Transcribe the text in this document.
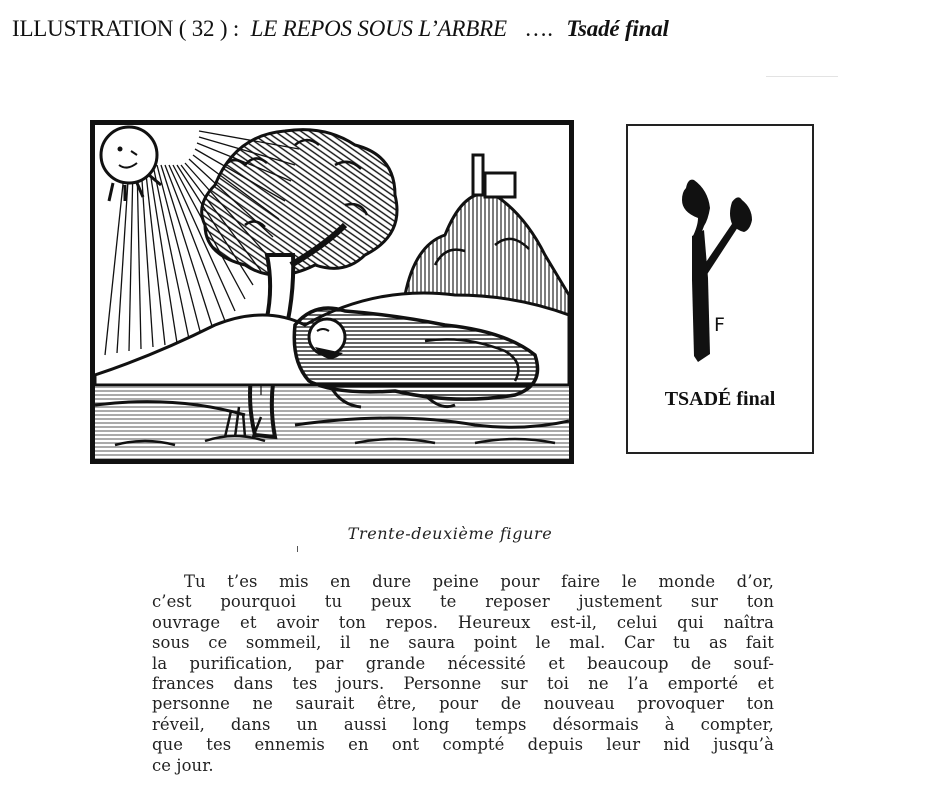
ILLUSTRATION ( 32 ) : LE REPOS SOUS L’ARBRE …. Tsadé final
F
TSADÉ final
Trente-deuxième figure

Tu t’es mis en dure peine pour faire le monde d’or,
c’est pourquoi tu peux te reposer justement sur ton
ouvrage et avoir ton repos. Heureux est-il, celui qui naîtra
sous ce sommeil, il ne saura point le mal. Car tu as fait
la purification, par grande nécessité et beaucoup de souf-
frances dans tes jours. Personne sur toi ne l’a emporté et
personne ne saurait être, pour de nouveau provoquer ton
réveil, dans un aussi long temps désormais à compter,
que tes ennemis en ont compté depuis leur nid jusqu’à
ce jour.
